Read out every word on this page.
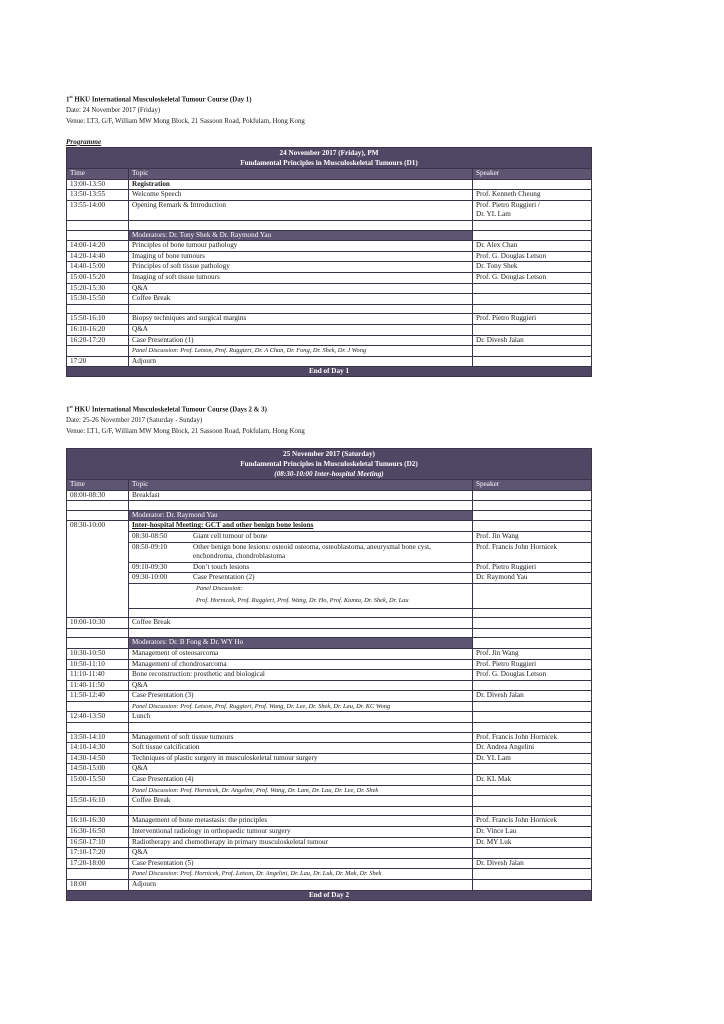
1st HKU International Musculoskeletal Tumour Course (Day 1)
Date: 24 November 2017 (Friday)
Venue: LT3, G/F, William MW Mong Block, 21 Sassoon Road, Pokfulam, Hong Kong
Programme
24 November 2017 (Friday), PM
Fundamental Principles in Musculoskeletal Tumours (D1)		

Time	Topic	Speaker
13:00-13:50	Registration	
13:50-13:55	Welcome Speech	Prof. Kenneth Cheung
13:55-14:00	Opening Remark & Introduction	Prof. Pietro Ruggieri /
Dr. YL Lam

	Moderators: Dr. Tony Shek & Dr. Raymond Yau	
14:00-14:20	Principles of bone tumour pathology	Dr. Alex Chan
14:20-14:40	Imaging of bone tumours	Prof. G. Douglas Letson
14:40-15:00	Principles of soft tissue pathology	Dr. Tony Shek
15:00-15:20	Imaging of soft tissue tumours	Prof. G. Douglas Letson
15:20-15:30	Q&A	
15:30-15:50	Coffee Break	

15:50-16:10	Biopsy techniques and surgical margins	Prof. Pietro Ruggieri
16:10-16:20	Q&A	
16:20-17:20	Case Presentation (1)	Dr. Divesh Jalan
	Panel Discussion: Prof. Letson, Prof. Ruggieri, Dr. A Chan, Dr. Fong, Dr. Shek, Dr. J Wong	
17:20	Adjourn	
End of Day 1		
1st HKU International Musculoskeletal Tumour Course (Days 2 & 3)
Date: 25-26 November 2017 (Saturday - Sunday)
Venue: LT1, G/F, William MW Mong Block, 21 Sassoon Road, Pokfulam, Hong Kong
25 November 2017 (Saturday)
Fundamental Principles in Musculoskeletal Tumours (D2)
(08:30-10:00 Inter-hospital Meeting)		

Time	Topic	Speaker
08:00-08:30	Breakfast	

	Moderator: Dr. Raymond Yau	
08:30-10:00	Inter-hospital Meeting: GCT and other benign bone lesions	
	08:30-08:50 Giant cell tumour of bone	Prof. Jin Wang
	08:50-09:10 Other benign bone lesions: osteoid osteoma, osteoblastoma, aneurysmal bone cyst, enchondroma, chondroblastoma	Prof. Francis John Hornicek
	09:10-09:30 Don’t touch lesions	Prof. Pietro Ruggieri
	09:30-10:00 Case Presentation (2)	Dr. Raymond Yau

	Panel Discussion:
Prof. Hornicek, Prof. Ruggieri, Prof. Wang, Dr. Ho, Prof. Kumta, Dr. Shek, Dr. Lau	

10:00-10:30	Coffee Break	

	Moderators: Dr. B Fong & Dr. WY Ho	
10:30-10:50	Management of osteosarcoma	Prof. Jin Wang
10:50-11:10	Management of chondrosarcoma	Prof. Pietro Ruggieri
11:10-11:40	Bone reconstruction: prosthetic and biological	Prof. G. Douglas Letson
11:40-11:50	Q&A	
11:50-12:40	Case Presentation (3)	Dr. Divesh Jalan
	Panel Discussion: Prof. Letson, Prof. Ruggieri, Prof. Wang, Dr. Lee, Dr. Shek, Dr. Lau, Dr. KC Wong	
12:40-13:50	Lunch	

13:50-14:10	Management of soft tissue tumours	Prof. Francis John Hornicek
14:10-14:30	Soft tissue calcification	Dr. Andrea Angelini
14:30-14:50	Techniques of plastic surgery in musculoskeletal tumour surgery	Dr. YL Lam
14:50-15:00	Q&A	
15:00-15:50	Case Presentation (4)	Dr. KL Mak
	Panel Discussion: Prof. Hornicek, Dr. Angelini, Prof. Wang, Dr. Lam, Dr. Lau, Dr. Lee, Dr. Shek	
15:50-16:10	Coffee Break	

16:10-16:30	Management of bone metastasis: the principles	Prof. Francis John Hornicek
16:30-16:50	Interventional radiology in orthopaedic tumour surgery	Dr. Vince Lau
16:50-17:10	Radiotherapy and chemotherapy in primary musculoskeletal tumour	Dr. MY Luk
17:10-17:20	Q&A	
17:20-18:00	Case Presentation (5)	Dr. Divesh Jalan
	Panel Discussion: Prof. Hornicek, Prof. Letson, Dr. Angelini, Dr. Lau, Dr. Luk, Dr. Mak, Dr. Shek	
18:00	Adjourn	
End of Day 2		
